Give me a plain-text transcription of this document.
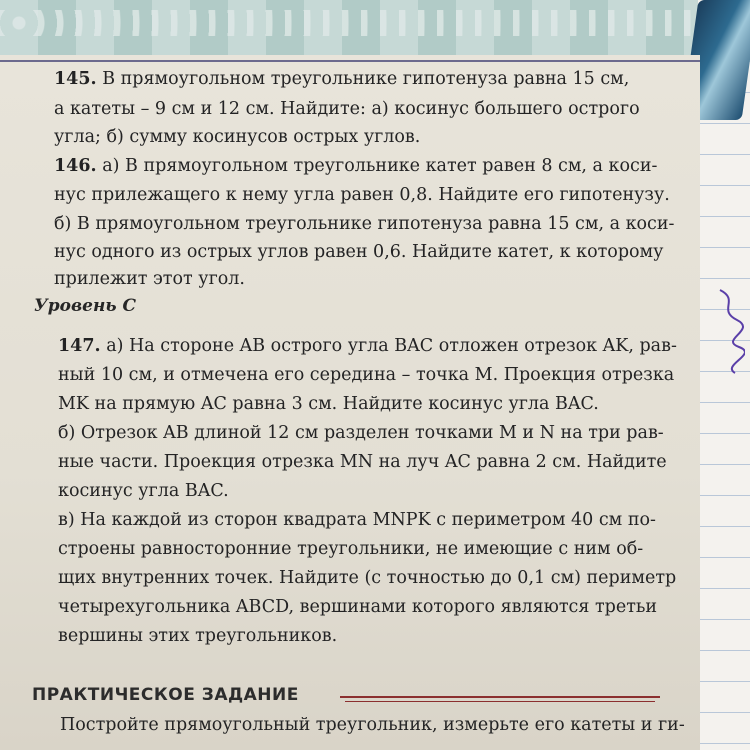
145. В прямоугольном треугольнике гипотенуза равна 15 см,
а катеты – 9 см и 12 см. Найдите: а) косинус большего острого
угла; б) сумму косинусов острых углов.
146. а) В прямоугольном треугольнике катет равен 8 см, а коси-
нус прилежащего к нему угла равен 0,8. Найдите его гипотенузу.
б) В прямоугольном треугольнике гипотенуза равна 15 см, а коси-
нус одного из острых углов равен 0,6. Найдите катет, к которому
прилежит этот угол.
Уровень С
147. а) На стороне AB острого угла BAC отложен отрезок AK, рав-
ный 10 см, и отмечена его середина – точка M. Проекция отрезка
MK на прямую AC равна 3 см. Найдите косинус угла BAC.
б) Отрезок AB длиной 12 см разделен точками M и N на три рав-
ные части. Проекция отрезка MN на луч AC равна 2 см. Найдите
косинус угла BAC.
в) На каждой из сторон квадрата MNPK с периметром 40 см по-
строены равносторонние треугольники, не имеющие с ним об-
щих внутренних точек. Найдите (с точностью до 0,1 см) периметр
четырехугольника ABCD, вершинами которого являются третьи
вершины этих треугольников.
ПРАКТИЧЕСКОЕ ЗАДАНИЕ
Постройте прямоугольный треугольник, измерьте его катеты и ги-
